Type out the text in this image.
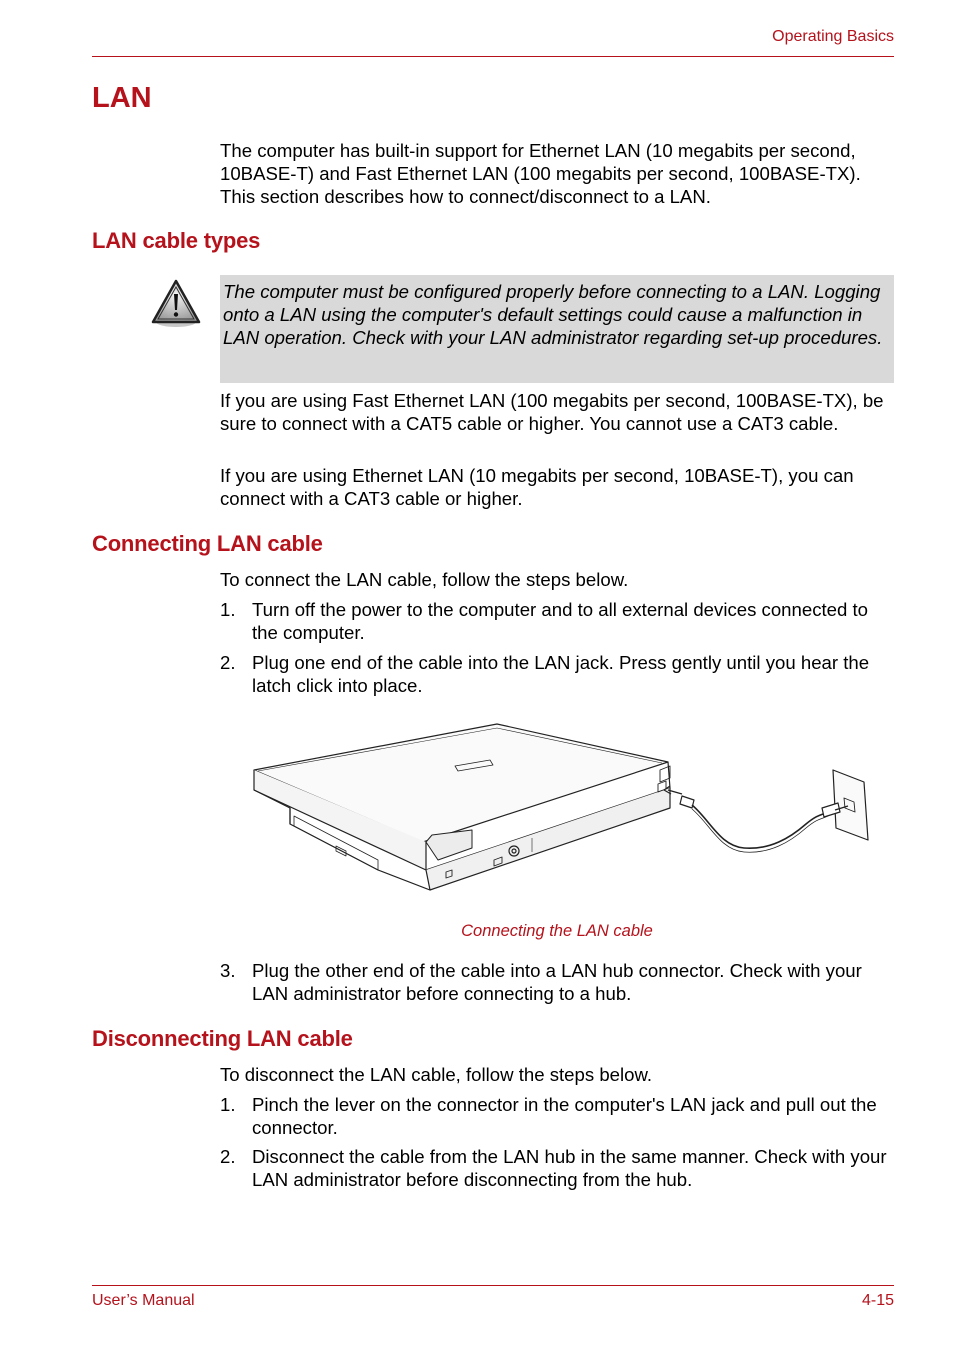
Operating Basics
LAN

The computer has built-in support for Ethernet LAN (10 megabits per second, 10BASE-T) and Fast Ethernet LAN (100 megabits per second, 100BASE-TX). This section describes how to connect/disconnect to a LAN.

LAN cable types
The computer must be configured properly before connecting to a LAN. Logging onto a LAN using the computer's default settings could cause a malfunction in LAN operation. Check with your LAN administrator regarding set-up procedures.

If you are using Fast Ethernet LAN (100 megabits per second, 100BASE-TX), be sure to connect with a CAT5 cable or higher. You cannot use a CAT3 cable.

If you are using Ethernet LAN (10 megabits per second, 10BASE-T), you can connect with a CAT3 cable or higher.

Connecting LAN cable

To connect the LAN cable, follow the steps below.

1. Turn off the power to the computer and to all external devices connected to the computer.
2. Plug one end of the cable into the LAN jack. Press gently until you hear the latch click into place.
Connecting the LAN cable
3. Plug the other end of the cable into a LAN hub connector. Check with your LAN administrator before connecting to a hub.
Disconnecting LAN cable

To disconnect the LAN cable, follow the steps below.

1. Pinch the lever on the connector in the computer's LAN jack and pull out the connector.
2. Disconnect the cable from the LAN hub in the same manner. Check with your LAN administrator before disconnecting from the hub.
User’s Manual	4-15
